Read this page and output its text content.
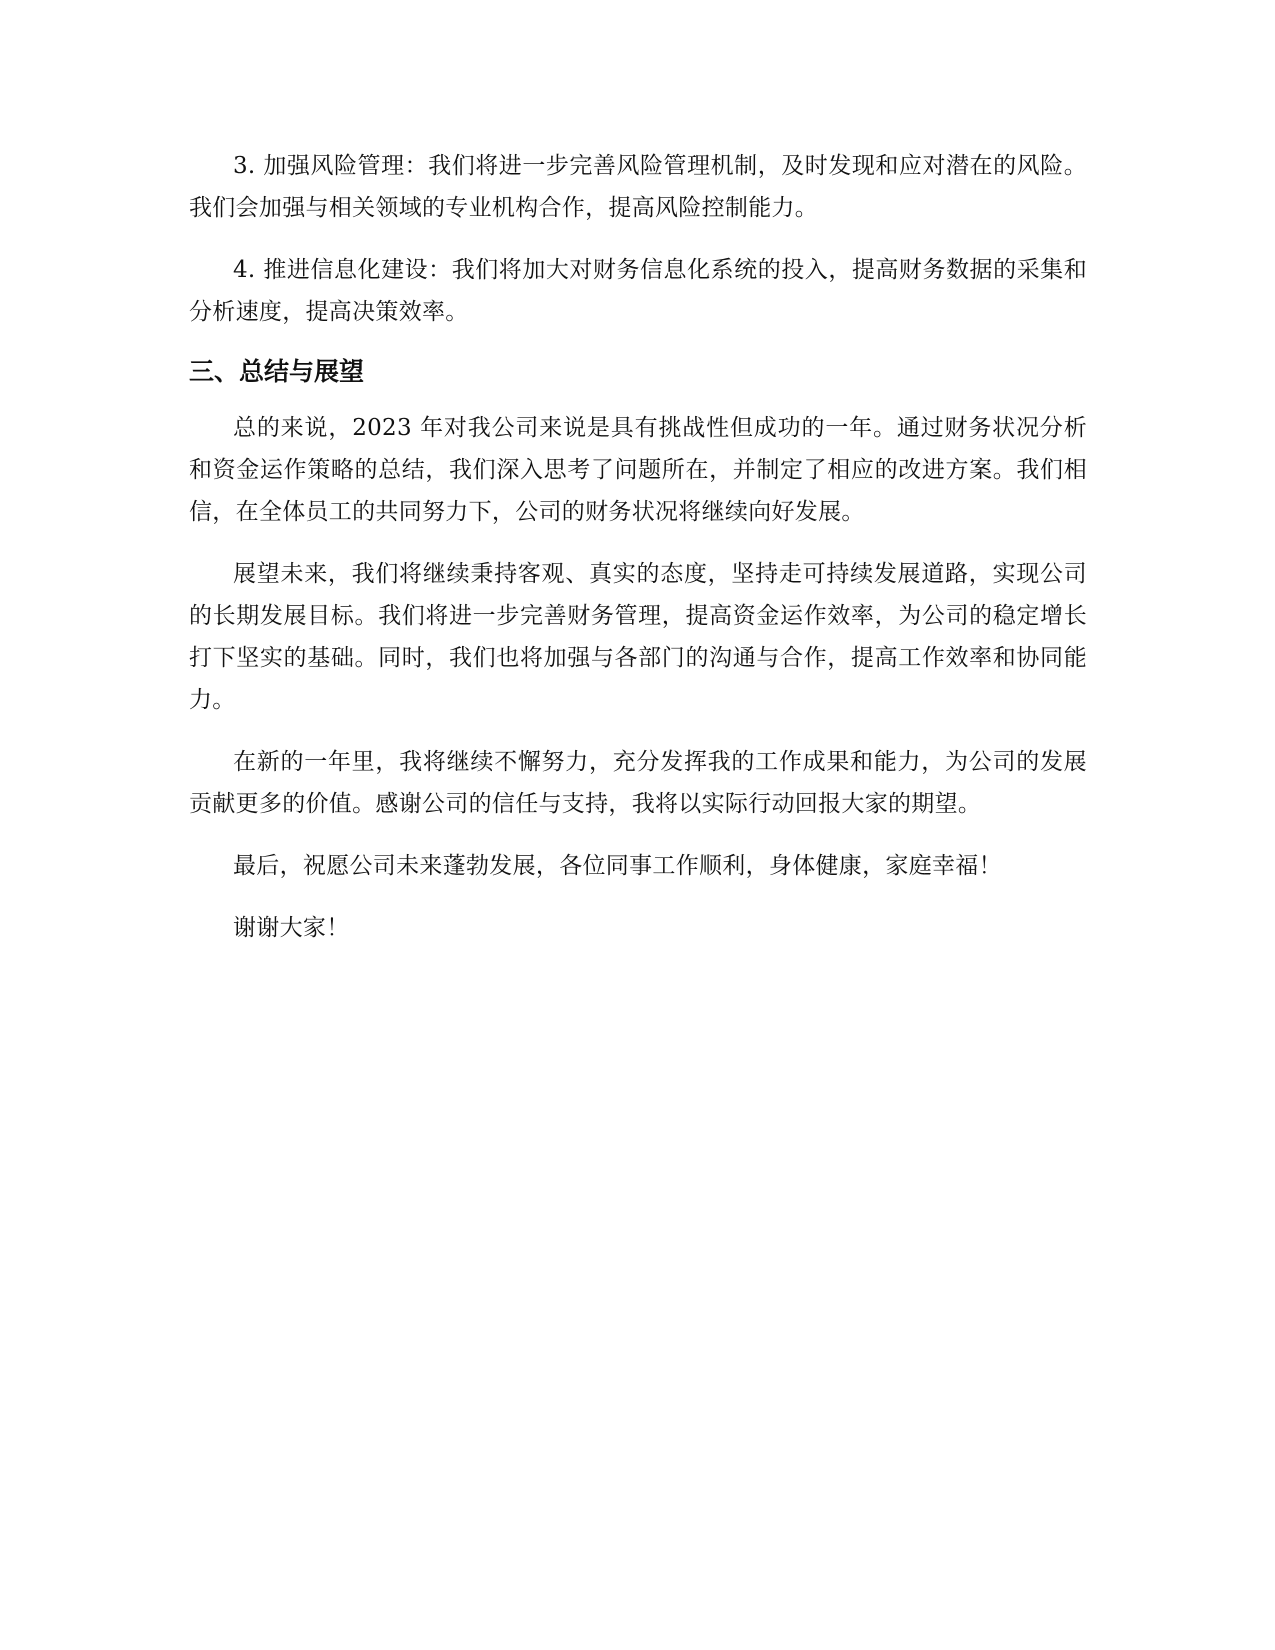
3. 加强风险管理：我们将进一步完善风险管理机制，及时发现和应对潜在的风险。我们会加强与相关领域的专业机构合作，提高风险控制能力。

4. 推进信息化建设：我们将加大对财务信息化系统的投入，提高财务数据的采集和分析速度，提高决策效率。

三、总结与展望

总的来说，2023 年对我公司来说是具有挑战性但成功的一年。通过财务状况分析和资金运作策略的总结，我们深入思考了问题所在，并制定了相应的改进方案。我们相信，在全体员工的共同努力下，公司的财务状况将继续向好发展。

展望未来，我们将继续秉持客观、真实的态度，坚持走可持续发展道路，实现公司的长期发展目标。我们将进一步完善财务管理，提高资金运作效率，为公司的稳定增长打下坚实的基础。同时，我们也将加强与各部门的沟通与合作，提高工作效率和协同能力。

在新的一年里，我将继续不懈努力，充分发挥我的工作成果和能力，为公司的发展贡献更多的价值。感谢公司的信任与支持，我将以实际行动回报大家的期望。

最后，祝愿公司未来蓬勃发展，各位同事工作顺利，身体健康，家庭幸福！

谢谢大家！
